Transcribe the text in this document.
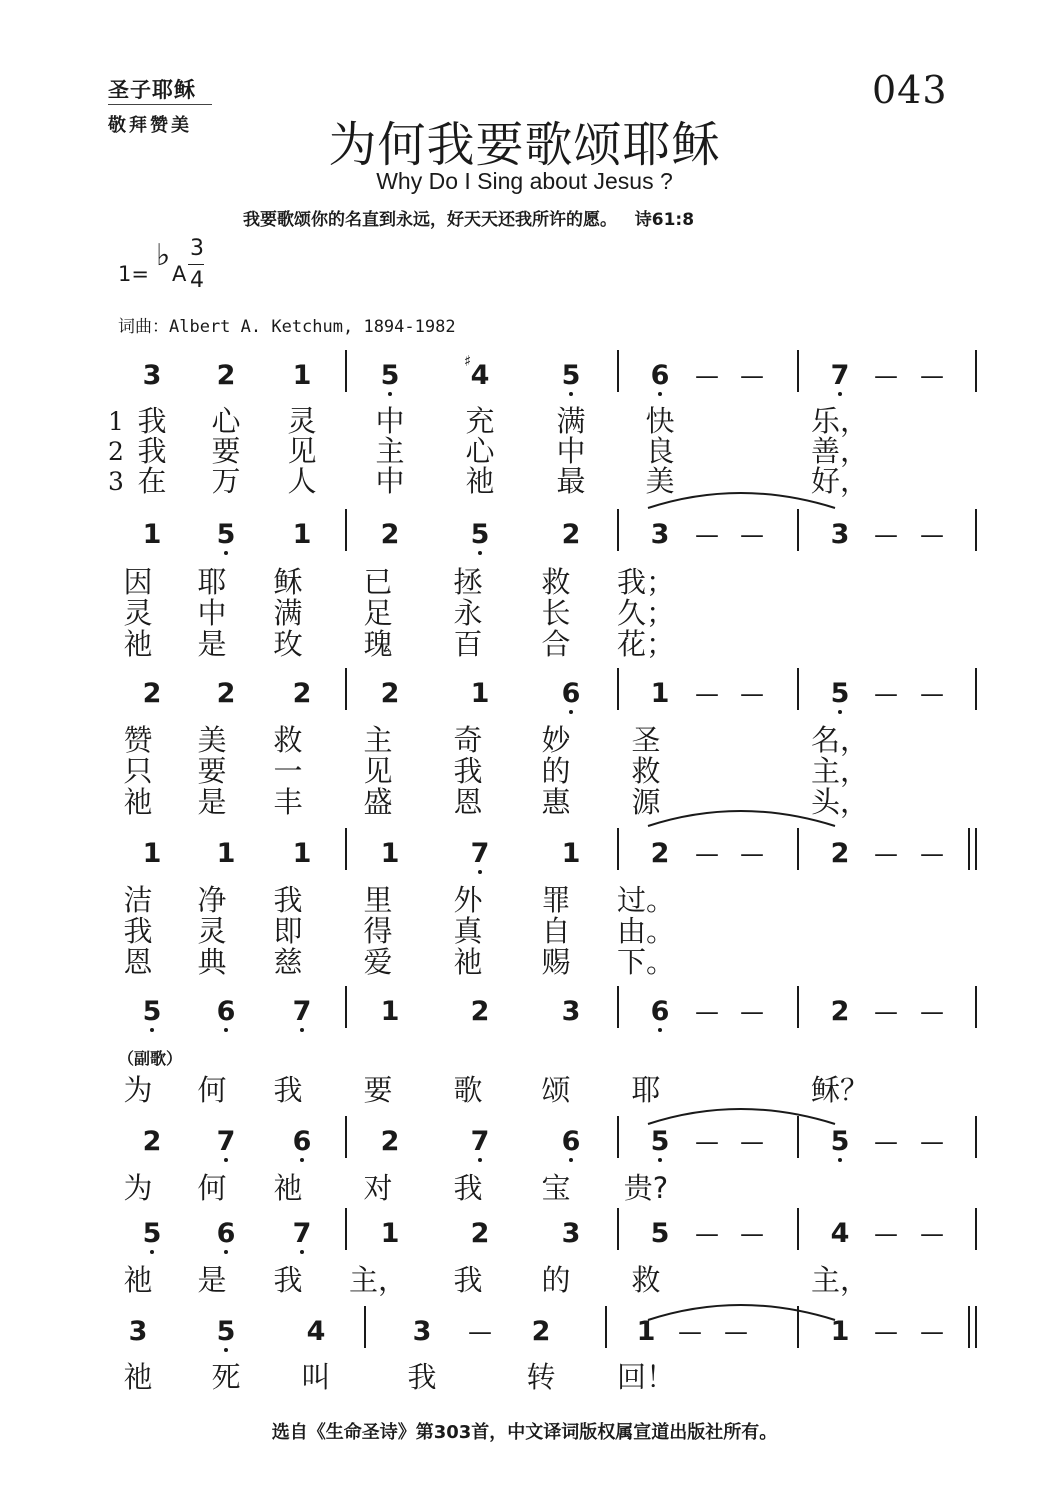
圣子耶稣
敬拜赞美
043
为何我要歌颂耶稣
Why Do I Sing about Jesus ?
我要歌颂你的名直到永远，好天天还我所许的愿。   诗61:8
1=
♭
A
3
4
词曲：Albert A. Ketchum, 1894-1982
3 2 1	5	4	5	6 — — 7 — —
♯
1 我 心 灵 中 充 满 快	乐，
2 我 要 见 主 心 中 良	善，
3 在 万 人 中 祂 最 美	好，
1 5 1	2	5	2	3 — — 3 — —
因 耶 稣 已 拯 救 我；
灵 中 满 足 永 长 久；
祂 是 玫 瑰 百 合 花；
2 2 2	2	1	6	1 — — 5 — —
赞 美 救 主 奇 妙 圣	名，
只 要 一 见 我 的 救	主，
祂 是 丰 盛 恩 惠 源	头，
1 1 1	1	7	1	2 — — 2 — —
洁 净 我 里 外 罪 过。
我 灵 即 得 真 自 由。
恩 典 慈 爱 祂 赐 下。
5 6 7	1	2	3	6 — — 2 — —
为 何 我 要 歌 颂 耶	稣？
2 7 6	2	7	6	5 — — 5 — —
为 何 祂 对 我 宝 贵?
5 6 7	1	2	3	5 — — 4 — —
祂 是 我 主， 我 的 救	主，
3	5	4	3 — 2	1 — —	1 — —
祂 死 叫	我	转 回！
（副歌）
选自《生命圣诗》第303首，中文译词版权属宣道出版社所有。
